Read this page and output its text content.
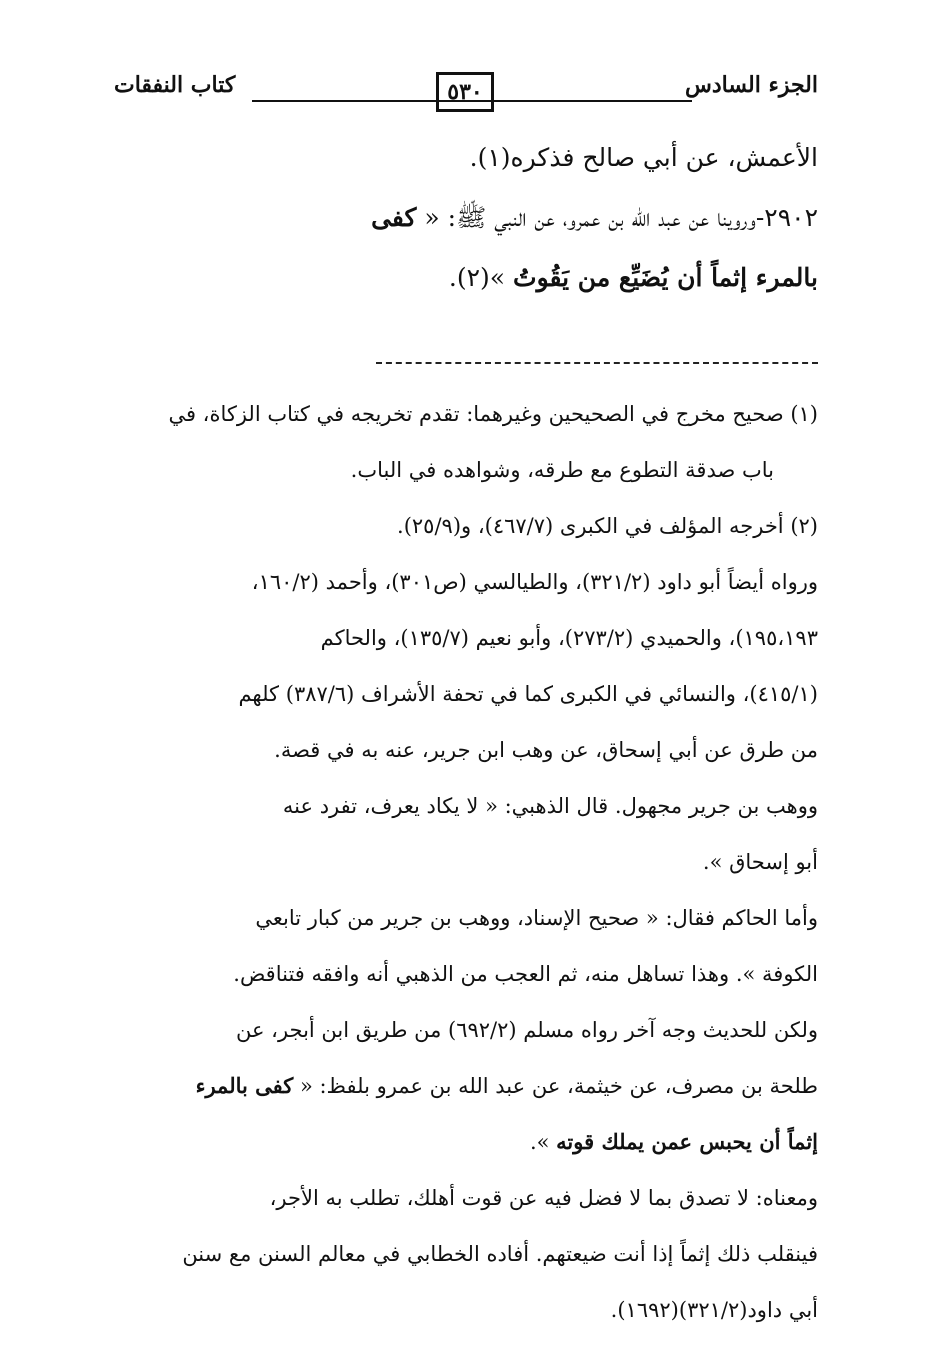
الجزء السادس
٥٣٠
كتاب النفقات
الأعمش، عن أبي صالح فذكره(١).
٢٩٠٢-وروينا عن عبد الله بن عمرو، عن النبي ﷺ: « كفى
بالمرء إثماً أن يُضَيِّع من يَقُوتُ »(٢).
(١) صحيح مخرج في الصحيحين وغيرهما: تقدم تخريجه في كتاب الزكاة، في
باب صدقة التطوع مع طرقه، وشواهده في الباب.
(٢) أخرجه المؤلف في الكبرى (٤٦٧/٧)، و(٢٥/٩).
ورواه أيضاً أبو داود (٣٢١/٢)، والطيالسي (ص٣٠١)، وأحمد (١٦٠/٢،
١٩٥،١٩٣)، والحميدي (٢٧٣/٢)، وأبو نعيم (١٣٥/٧)، والحاكم
(٤١٥/١)، والنسائي في الكبرى كما في تحفة الأشراف (٣٨٧/٦) كلهم
من طرق عن أبي إسحاق، عن وهب ابن جرير، عنه به في قصة.
ووهب بن جرير مجهول. قال الذهبي: « لا يكاد يعرف، تفرد عنه
أبو إسحاق ».
وأما الحاكم فقال: « صحيح الإسناد، ووهب بن جرير من كبار تابعي
الكوفة ». وهذا تساهل منه، ثم العجب من الذهبي أنه وافقه فتناقض.
ولكن للحديث وجه آخر رواه مسلم (٦٩٢/٢) من طريق ابن أبجر، عن
طلحة بن مصرف، عن خيثمة، عن عبد الله بن عمرو بلفظ: « كفى بالمرء
إثماً أن يحبس عمن يملك قوته ».
ومعناه: لا تصدق بما لا فضل فيه عن قوت أهلك، تطلب به الأجر،
فينقلب ذلك إثماً إذا أنت ضيعتهم. أفاده الخطابي في معالم السنن مع سنن
أبي داود(٣٢١/٢)(١٦٩٢).
